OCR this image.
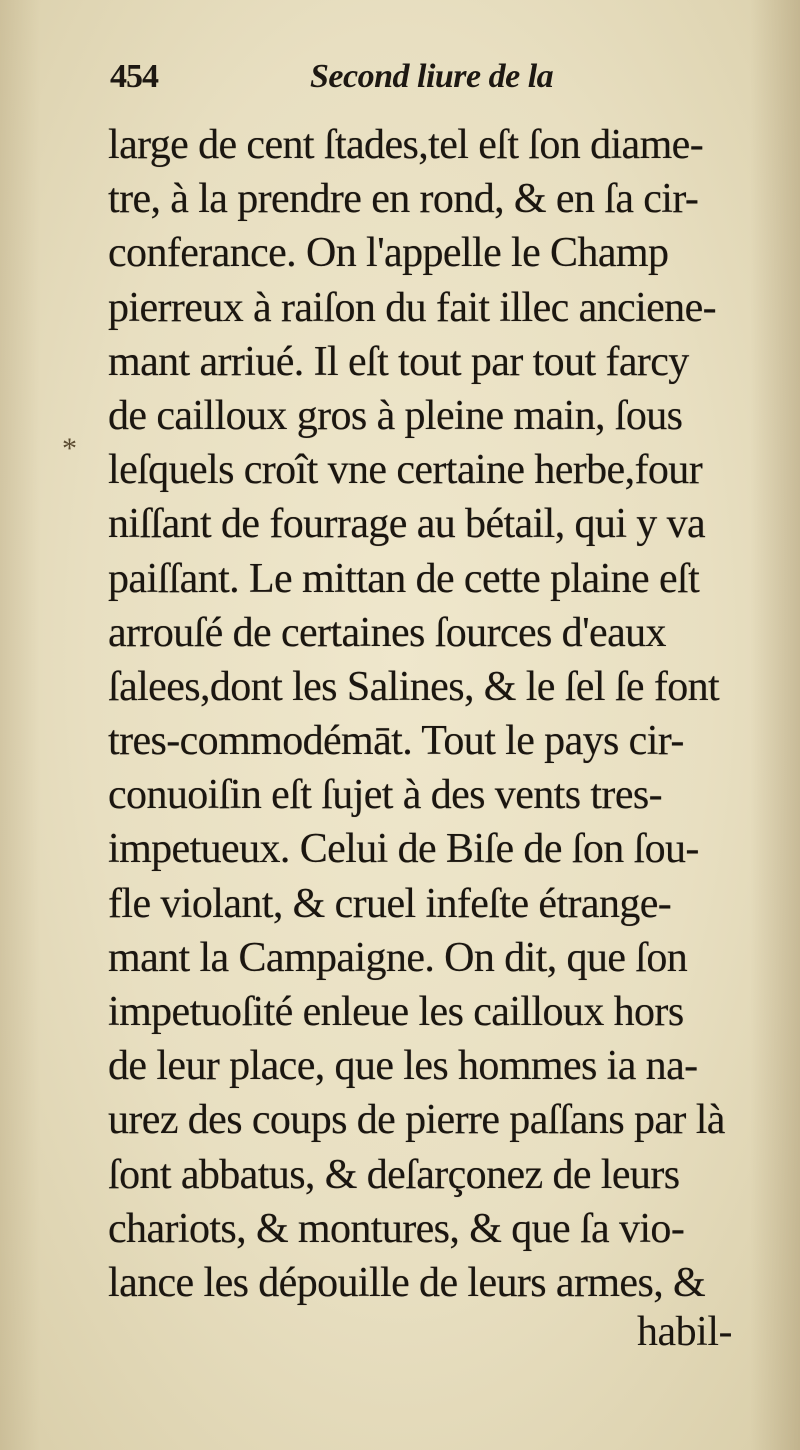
454	Second liure de la
*
large de cent ſtades,tel eſt ſon diame-
tre, à la prendre en rond, & en ſa cir-
conferance. On l'appelle le Champ
pierreux à raiſon du fait illec anciene-
mant arriué. Il eſt tout par tout farcy
de cailloux gros à pleine main, ſous
leſquels croît vne certaine herbe,four
niſſant de fourrage au bétail, qui y va
paiſſant. Le mittan de cette plaine eſt
arrouſé de certaines ſources d'eaux
ſalees,dont les Salines, & le ſel ſe font
tres-commodémāt. Tout le pays cir-
conuoiſin eſt ſujet à des vents tres-
impetueux. Celui de Biſe de ſon ſou-
fle violant, & cruel infeſte étrange-
mant la Campaigne. On dit, que ſon
impetuoſité enleue les cailloux hors
de leur place, que les hommes ia na-
urez des coups de pierre paſſans par là
ſont abbatus, & deſarçonez de leurs
chariots, & montures, & que ſa vio-
lance les dépouille de leurs armes, &
habil-
